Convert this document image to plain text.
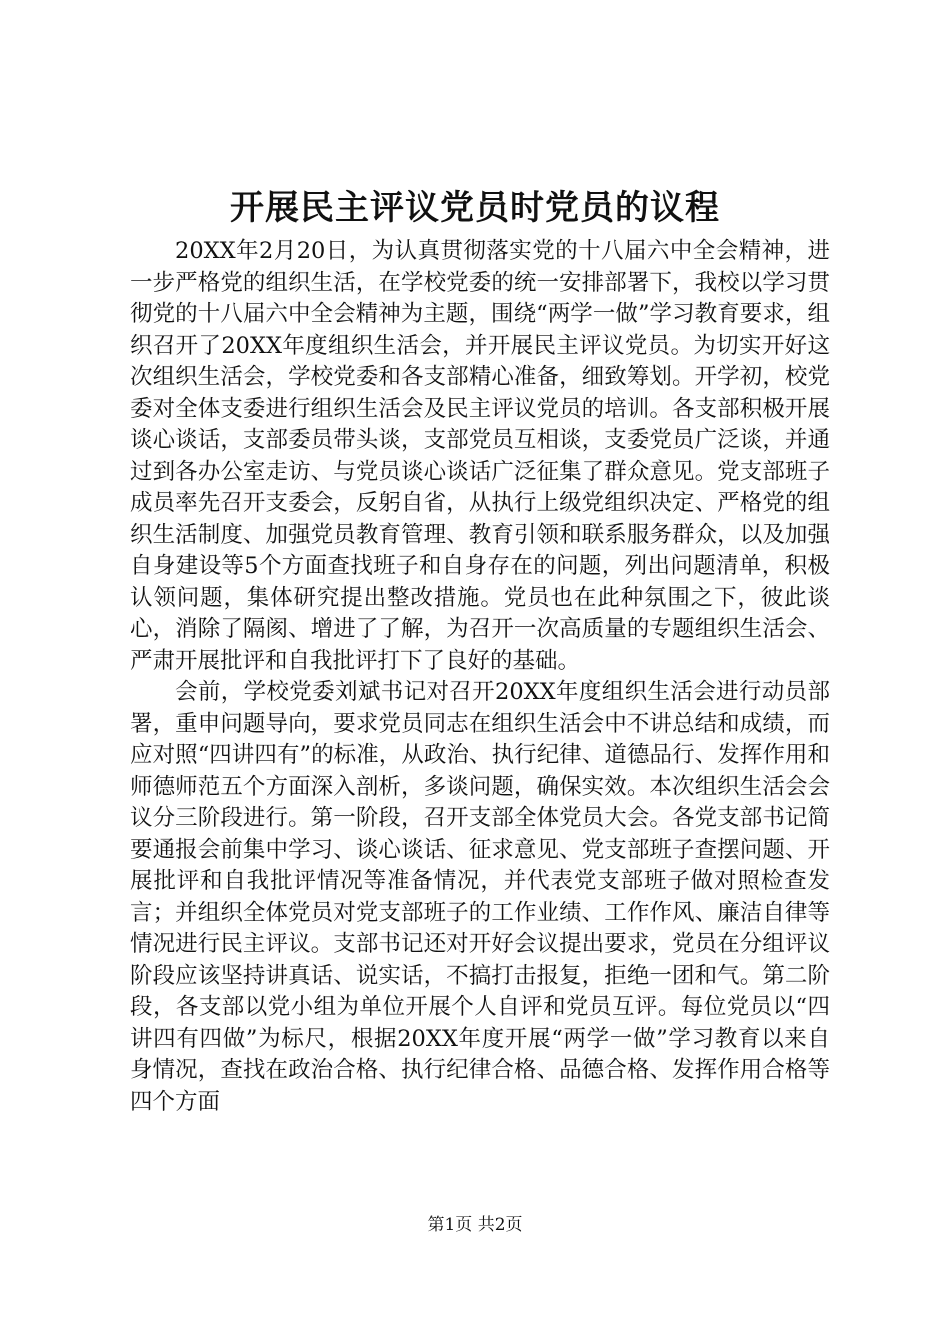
开展民主评议党员时党员的议程

20XX年2月20日，为认真贯彻落实党的十八届六中全会精神，进一步严格党的组织生活，在学校党委的统一安排部署下，我校以学习贯彻党的十八届六中全会精神为主题，围绕“两学一做”学习教育要求，组织召开了20XX年度组织生活会，并开展民主评议党员。为切实开好这次组织生活会，学校党委和各支部精心准备，细致筹划。开学初，校党委对全体支委进行组织生活会及民主评议党员的培训。各支部积极开展谈心谈话，支部委员带头谈，支部党员互相谈，支委党员广泛谈，并通过到各办公室走访、与党员谈心谈话广泛征集了群众意见。党支部班子成员率先召开支委会，反躬自省，从执行上级党组织决定、严格党的组织生活制度、加强党员教育管理、教育引领和联系服务群众，以及加强自身建设等5个方面查找班子和自身存在的问题，列出问题清单，积极认领问题，集体研究提出整改措施。党员也在此种氛围之下，彼此谈心，消除了隔阂、增进了了解，为召开一次高质量的专题组织生活会、严肃开展批评和自我批评打下了良好的基础。

会前，学校党委刘斌书记对召开20XX年度组织生活会进行动员部署，重申问题导向，要求党员同志在组织生活会中不讲总结和成绩，而应对照“四讲四有”的标准，从政治、执行纪律、道德品行、发挥作用和师德师范五个方面深入剖析，多谈问题，确保实效。本次组织生活会会议分三阶段进行。第一阶段，召开支部全体党员大会。各党支部书记简要通报会前集中学习、谈心谈话、征求意见、党支部班子查摆问题、开展批评和自我批评情况等准备情况，并代表党支部班子做对照检查发言；并组织全体党员对党支部班子的工作业绩、工作作风、廉洁自律等情况进行民主评议。支部书记还对开好会议提出要求，党员在分组评议阶段应该坚持讲真话、说实话，不搞打击报复，拒绝一团和气。第二阶段，各支部以党小组为单位开展个人自评和党员互评。每位党员以“四讲四有四做”为标尺，根据20XX年度开展“两学一做”学习教育以来自身情况，查找在政治合格、执行纪律合格、品德合格、发挥作用合格等四个方面

第1页 共2页
